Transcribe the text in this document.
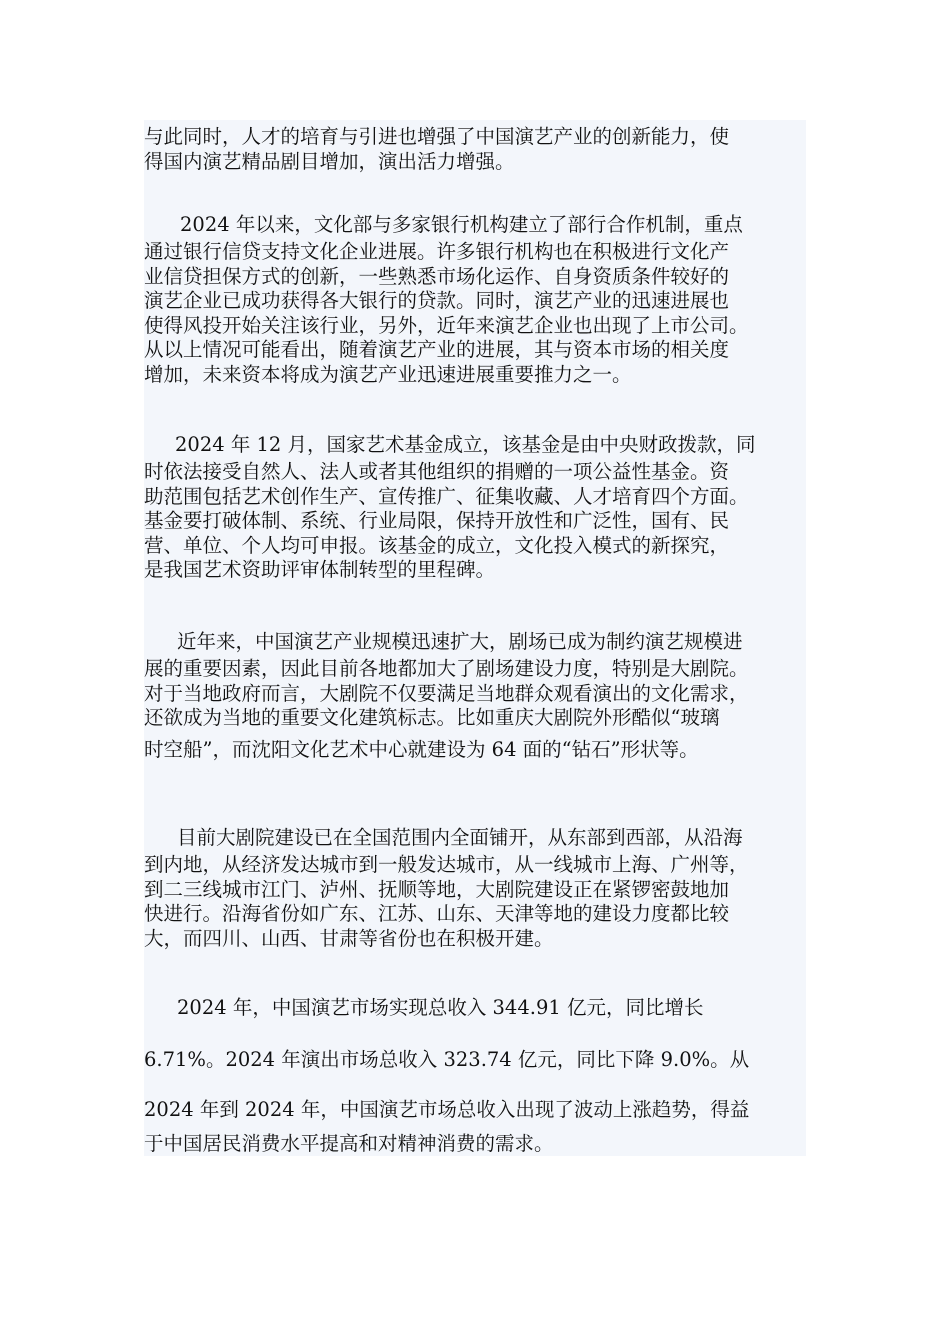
与此同时，人才的培育与引进也增强了中国演艺产业的创新能力，使
得国内演艺精品剧目增加，演出活力增强。

2024 年以来，文化部与多家银行机构建立了部行合作机制，重点
通过银行信贷支持文化企业进展。许多银行机构也在积极进行文化产
业信贷担保方式的创新，一些熟悉市场化运作、自身资质条件较好的
演艺企业已成功获得各大银行的贷款。同时，演艺产业的迅速进展也
使得风投开始关注该行业，另外，近年来演艺企业也出现了上市公司。
从以上情况可能看出，随着演艺产业的进展，其与资本市场的相关度
增加，未来资本将成为演艺产业迅速进展重要推力之一。

2024 年 12 月，国家艺术基金成立，该基金是由中央财政拨款，同
时依法接受自然人、法人或者其他组织的捐赠的一项公益性基金。资
助范围包括艺术创作生产、宣传推广、征集收藏、人才培育四个方面。
基金要打破体制、系统、行业局限，保持开放性和广泛性，国有、民
营、单位、个人均可申报。该基金的成立，文化投入模式的新探究，
是我国艺术资助评审体制转型的里程碑。

近年来，中国演艺产业规模迅速扩大，剧场已成为制约演艺规模进
展的重要因素，因此目前各地都加大了剧场建设力度，特别是大剧院。
对于当地政府而言，大剧院不仅要满足当地群众观看演出的文化需求，
还欲成为当地的重要文化建筑标志。比如重庆大剧院外形酷似“玻璃
时空船”，而沈阳文化艺术中心就建设为 64 面的“钻石”形状等。

目前大剧院建设已在全国范围内全面铺开，从东部到西部，从沿海
到内地，从经济发达城市到一般发达城市，从一线城市上海、广州等，
到二三线城市江门、泸州、抚顺等地，大剧院建设正在紧锣密鼓地加
快进行。沿海省份如广东、江苏、山东、天津等地的建设力度都比较
大，而四川、山西、甘肃等省份也在积极开建。

2024 年，中国演艺市场实现总收入 344.91 亿元，同比增长
6.71%。2024 年演出市场总收入 323.74 亿元，同比下降 9.0%。从
2024 年到 2024 年，中国演艺市场总收入出现了波动上涨趋势，得益
于中国居民消费水平提高和对精神消费的需求。
